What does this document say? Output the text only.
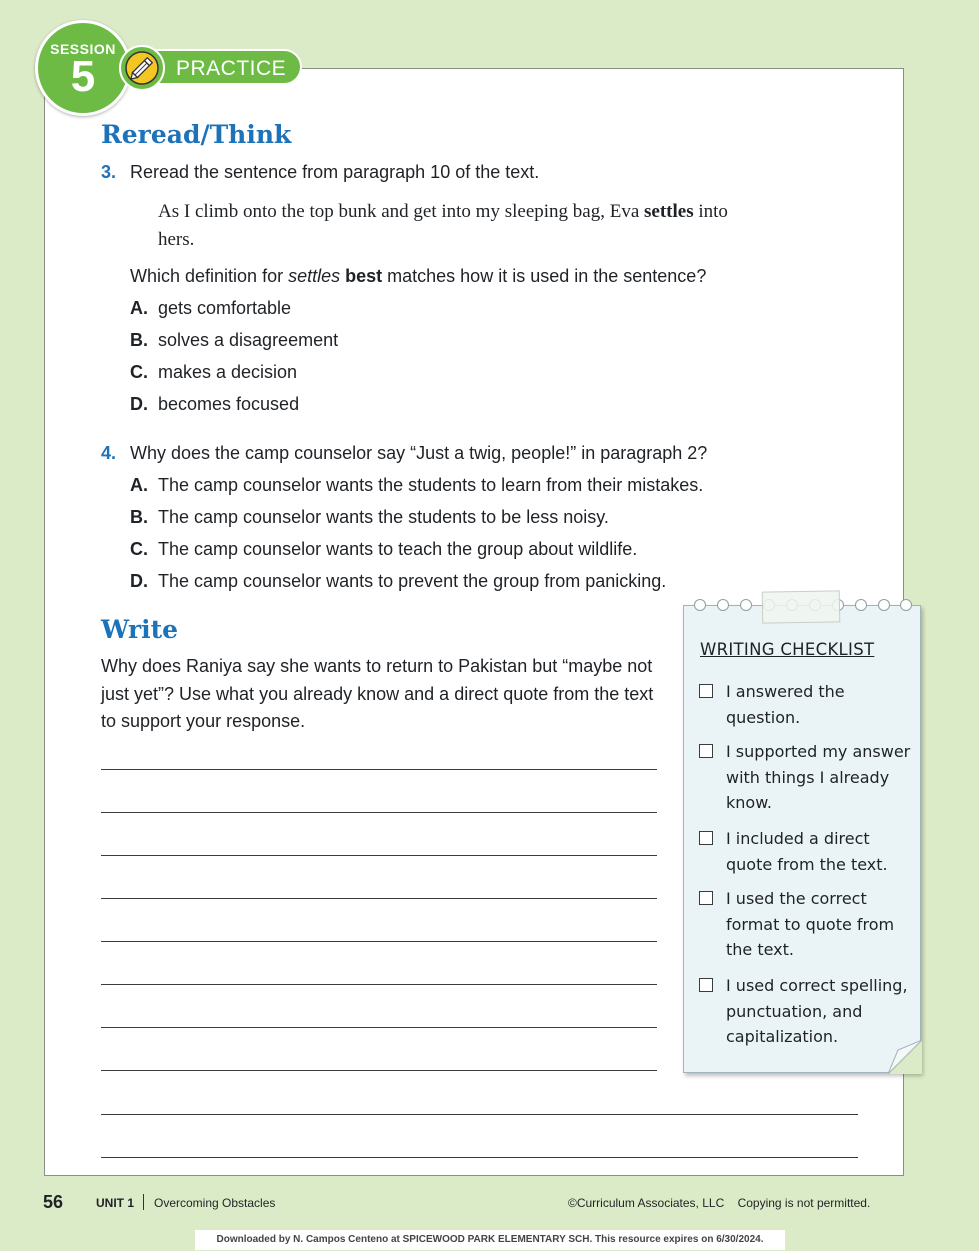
PRACTICE
SESSION
5
Reread/Think
3. Reread the sentence from paragraph 10 of the text.
As I climb onto the top bunk and get into my sleeping bag, Eva settles into hers.
Which definition for settles best matches how it is used in the sentence?
A. gets comfortable
B. solves a disagreement
C. makes a decision
D. becomes focused
4. Why does the camp counselor say “Just a twig, people!” in paragraph 2?
A. The camp counselor wants the students to learn from their mistakes.
B. The camp counselor wants the students to be less noisy.
C. The camp counselor wants to teach the group about wildlife.
D. The camp counselor wants to prevent the group from panicking.
Write
Why does Raniya say she wants to return to Pakistan but “maybe not just yet”? Use what you already know and a direct quote from the text to support your response.
WRITING CHECKLIST
I answered the question.
I supported my answer with things I already know.
I included a direct quote from the text.
I used the correct format to quote from the text.
I used correct spelling, punctuation, and capitalization.
56	UNIT 1 Overcoming Obstacles	©Curriculum Associates, LLC    Copying is not permitted.
Downloaded by N. Campos Centeno at SPICEWOOD PARK ELEMENTARY SCH. This resource expires on 6/30/2024.
